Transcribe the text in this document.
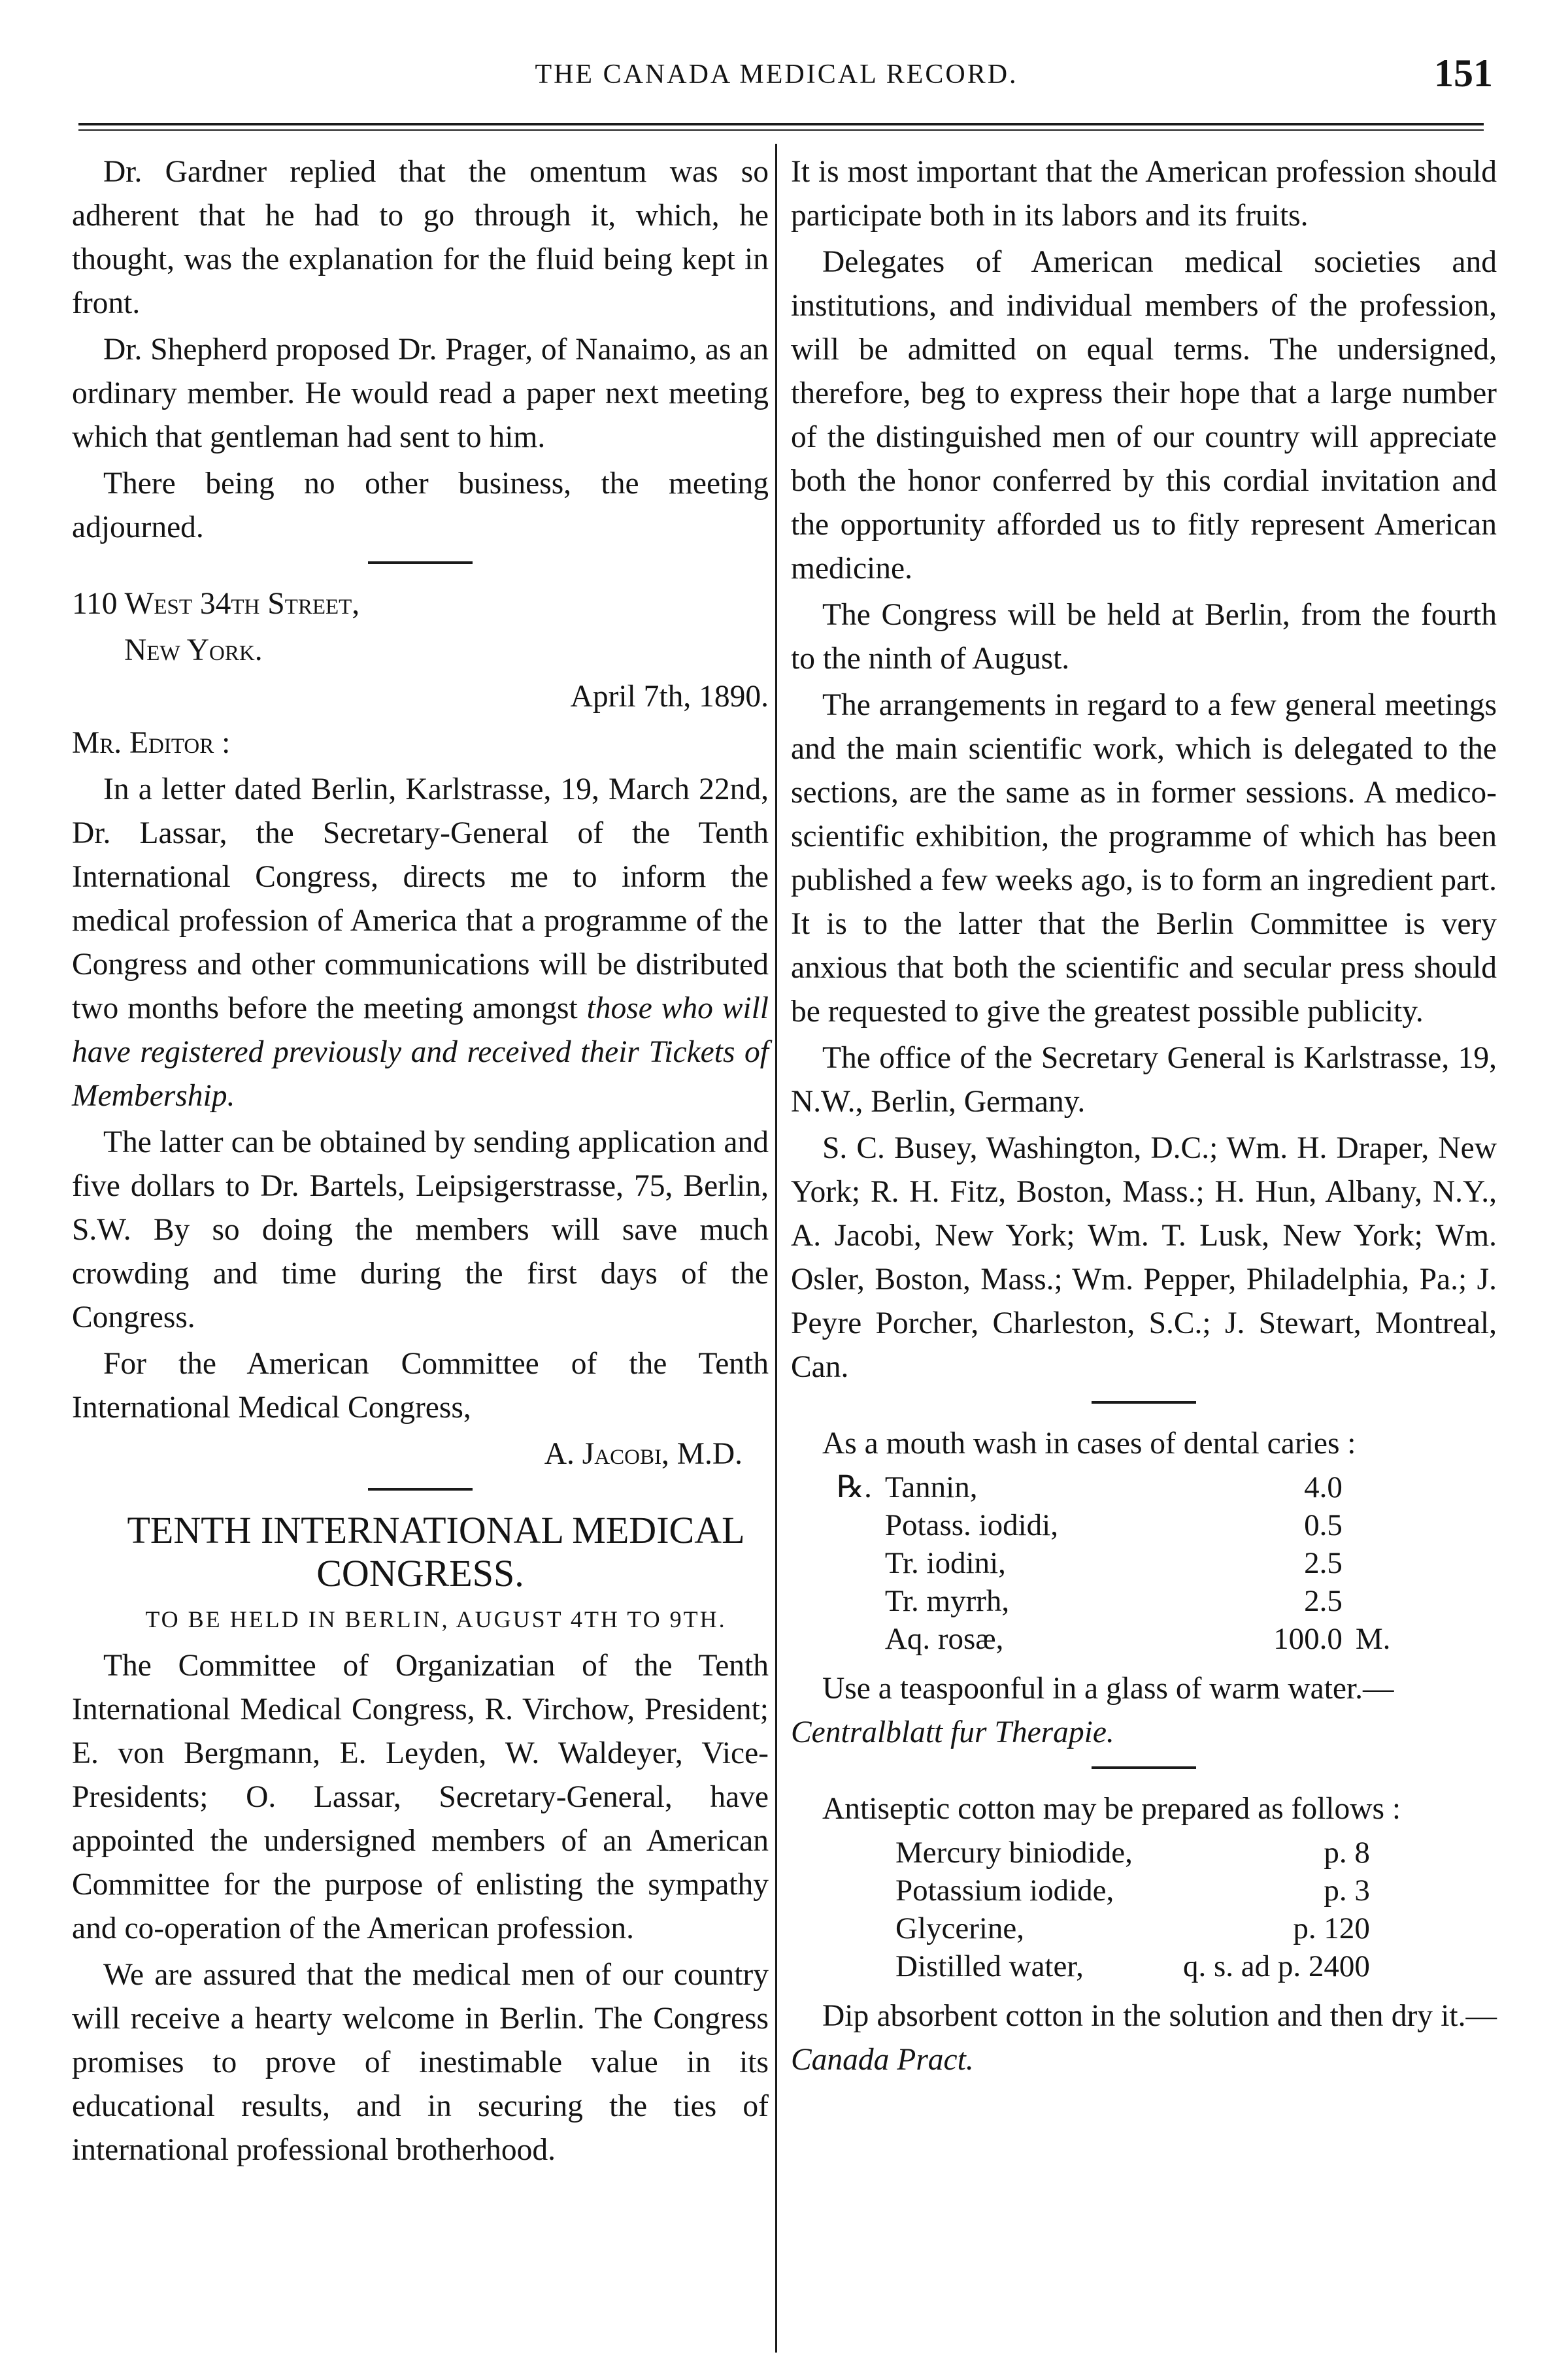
THE CANADA MEDICAL RECORD.	151

Dr. Gardner replied that the omentum was so adherent that he had to go through it, which, he thought, was the explanation for the fluid being kept in front.

Dr. Shepherd proposed Dr. Prager, of Nanaimo, as an ordinary member. He would read a paper next meeting which that gentleman had sent to him.

There being no other business, the meeting adjourned.

110 West 34th Street,

New York.

April 7th, 1890.

Mr. Editor :

In a letter dated Berlin, Karlstrasse, 19, March 22nd, Dr. Lassar, the Secretary-General of the Tenth International Congress, directs me to inform the medical profession of America that a programme of the Congress and other communications will be distributed two months before the meeting amongst those who will have registered previously and received their Tickets of Membership.

The latter can be obtained by sending application and five dollars to Dr. Bartels, Leipsigerstrasse, 75, Berlin, S.W. By so doing the members will save much crowding and time during the first days of the Congress.

For the American Committee of the Tenth International Medical Congress,

A. Jacobi, M.D.

TENTH INTERNATIONAL MEDICAL CONGRESS.

TO BE HELD IN BERLIN, AUGUST 4TH TO 9TH.

The Committee of Organizatian of the Tenth International Medical Congress, R. Virchow, President; E. von Bergmann, E. Leyden, W. Waldeyer, Vice-Presidents; O. Lassar, Secretary-General, have appointed the undersigned members of an American Committee for the purpose of enlisting the sympathy and co-operation of the American profession.

We are assured that the medical men of our country will receive a hearty welcome in Berlin. The Congress promises to prove of inestimable value in its educational results, and in securing the ties of international professional brotherhood.

It is most important that the American profession should participate both in its labors and its fruits.

Delegates of American medical societies and institutions, and individual members of the profession, will be admitted on equal terms. The undersigned, therefore, beg to express their hope that a large number of the distinguished men of our country will appreciate both the honor conferred by this cordial invitation and the opportunity afforded us to fitly represent American medicine.

The Congress will be held at Berlin, from the fourth to the ninth of August.

The arrangements in regard to a few general meetings and the main scientific work, which is delegated to the sections, are the same as in former sessions. A medico-scientific exhibition, the programme of which has been published a few weeks ago, is to form an ingredient part. It is to the latter that the Berlin Committee is very anxious that both the scientific and secular press should be requested to give the greatest possible publicity.

The office of the Secretary General is Karlstrasse, 19, N.W., Berlin, Germany.

S. C. Busey, Washington, D.C.; Wm. H. Draper, New York; R. H. Fitz, Boston, Mass.; H. Hun, Albany, N.Y., A. Jacobi, New York; Wm. T. Lusk, New York; Wm. Osler, Boston, Mass.; Wm. Pepper, Philadelphia, Pa.; J. Peyre Porcher, Charleston, S.C.; J. Stewart, Montreal, Can.

As a mouth wash in cases of dental caries :

℞.	Tannin,	4.0	
	Potass. iodidi,	0.5	
	Tr. iodini,	2.5	
	Tr. myrrh,	2.5	
	Aq. rosæ,	100.0	M.

Use a teaspoonful in a glass of warm water.—
Centralblatt fur Therapie.

Antiseptic cotton may be prepared as follows :

Mercury biniodide,	p. 8
Potassium iodide,	p. 3
Glycerine,	p. 120
Distilled water,	q. s. ad p. 2400

Dip absorbent cotton in the solution and then dry it.—Canada Pract.
